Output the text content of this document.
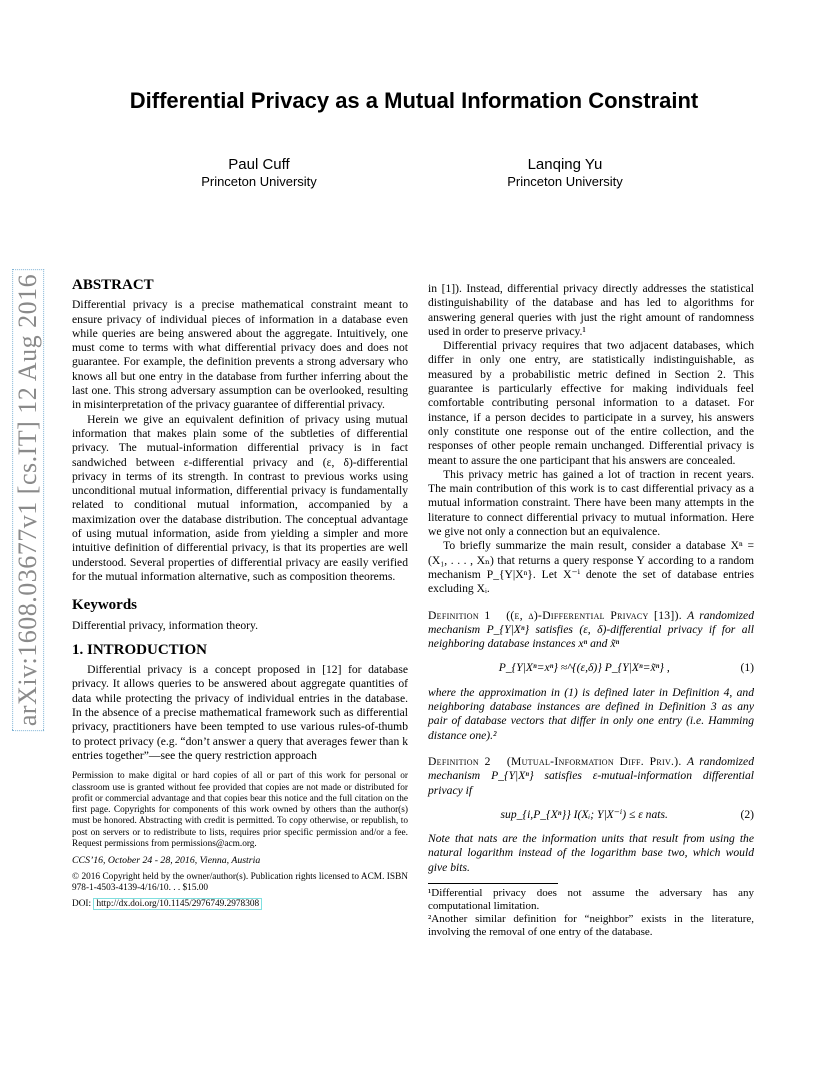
arXiv:1608.03677v1 [cs.IT] 12 Aug 2016
Differential Privacy as a Mutual Information Constraint
Paul Cuff
Princeton University
Lanqing Yu
Princeton University
ABSTRACT

Differential privacy is a precise mathematical constraint meant to ensure privacy of individual pieces of information in a database even while queries are being answered about the aggregate. Intuitively, one must come to terms with what differential privacy does and does not guarantee. For example, the definition prevents a strong adversary who knows all but one entry in the database from further inferring about the last one. This strong adversary assumption can be overlooked, resulting in misinterpretation of the privacy guarantee of differential privacy.

Herein we give an equivalent definition of privacy using mutual information that makes plain some of the subtleties of differential privacy. The mutual-information differential privacy is in fact sandwiched between ε-differential privacy and (ε, δ)-differential privacy in terms of its strength. In contrast to previous works using unconditional mutual information, differential privacy is fundamentally related to conditional mutual information, accompanied by a maximization over the database distribution. The conceptual advantage of using mutual information, aside from yielding a simpler and more intuitive definition of differential privacy, is that its properties are well understood. Several properties of differential privacy are easily verified for the mutual information alternative, such as composition theorems.

Keywords

Differential privacy, information theory.

1. INTRODUCTION

Differential privacy is a concept proposed in [12] for database privacy. It allows queries to be answered about aggregate quantities of data while protecting the privacy of individual entries in the database. In the absence of a precise mathematical framework such as differential privacy, practitioners have been tempted to use various rules-of-thumb to protect privacy (e.g. “don’t answer a query that averages fewer than k entries together”—see the query restriction approach

Permission to make digital or hard copies of all or part of this work for personal or classroom use is granted without fee provided that copies are not made or distributed for profit or commercial advantage and that copies bear this notice and the full citation on the first page. Copyrights for components of this work owned by others than the author(s) must be honored. Abstracting with credit is permitted. To copy otherwise, or republish, to post on servers or to redistribute to lists, requires prior specific permission and/or a fee. Request permissions from permissions@acm.org.

CCS’16, October 24 - 28, 2016, Vienna, Austria

© 2016 Copyright held by the owner/author(s). Publication rights licensed to ACM. ISBN 978-1-4503-4139-4/16/10. . . $15.00

DOI: http://dx.doi.org/10.1145/2976749.2978308

in [1]). Instead, differential privacy directly addresses the statistical distinguishability of the database and has led to algorithms for answering general queries with just the right amount of randomness used in order to preserve privacy.¹

Differential privacy requires that two adjacent databases, which differ in only one entry, are statistically indistinguishable, as measured by a probabilistic metric defined in Section 2. This guarantee is particularly effective for making individuals feel comfortable contributing personal information to a dataset. For instance, if a person decides to participate in a survey, his answers only constitute one response out of the entire collection, and the responses of other people remain unchanged. Differential privacy is meant to assure the one participant that his answers are concealed.

This privacy metric has gained a lot of traction in recent years. The main contribution of this work is to cast differential privacy as a mutual information constraint. There have been many attempts in the literature to connect differential privacy to mutual information. Here we give not only a connection but an equivalence.

To briefly summarize the main result, consider a database Xⁿ = (X₁, . . . , Xₙ) that returns a query response Y according to a random mechanism P_{Y|Xⁿ}. Let X⁻ⁱ denote the set of database entries excluding Xᵢ.

Definition 1 ((ε, δ)-Differential Privacy [13]). A randomized mechanism P_{Y|Xⁿ} satisfies (ε, δ)-differential privacy if for all neighboring database instances xⁿ and x̃ⁿ

P_{Y|Xⁿ=xⁿ} ≈^{(ε,δ)} P_{Y|Xⁿ=x̃ⁿ} ,	(1)

where the approximation in (1) is defined later in Definition 4, and neighboring database instances are defined in Definition 3 as any pair of database vectors that differ in only one entry (i.e. Hamming distance one).²

Definition 2 (Mutual-Information Diff. Priv.). A randomized mechanism P_{Y|Xⁿ} satisfies ε-mutual-information differential privacy if

sup_{i,P_{Xⁿ}} I(Xᵢ; Y|X⁻ⁱ) ≤ ε nats.	(2)

Note that nats are the information units that result from using the natural logarithm instead of the logarithm base two, which would give bits.

¹Differential privacy does not assume the adversary has any computational limitation.

²Another similar definition for “neighbor” exists in the literature, involving the removal of one entry of the database.
